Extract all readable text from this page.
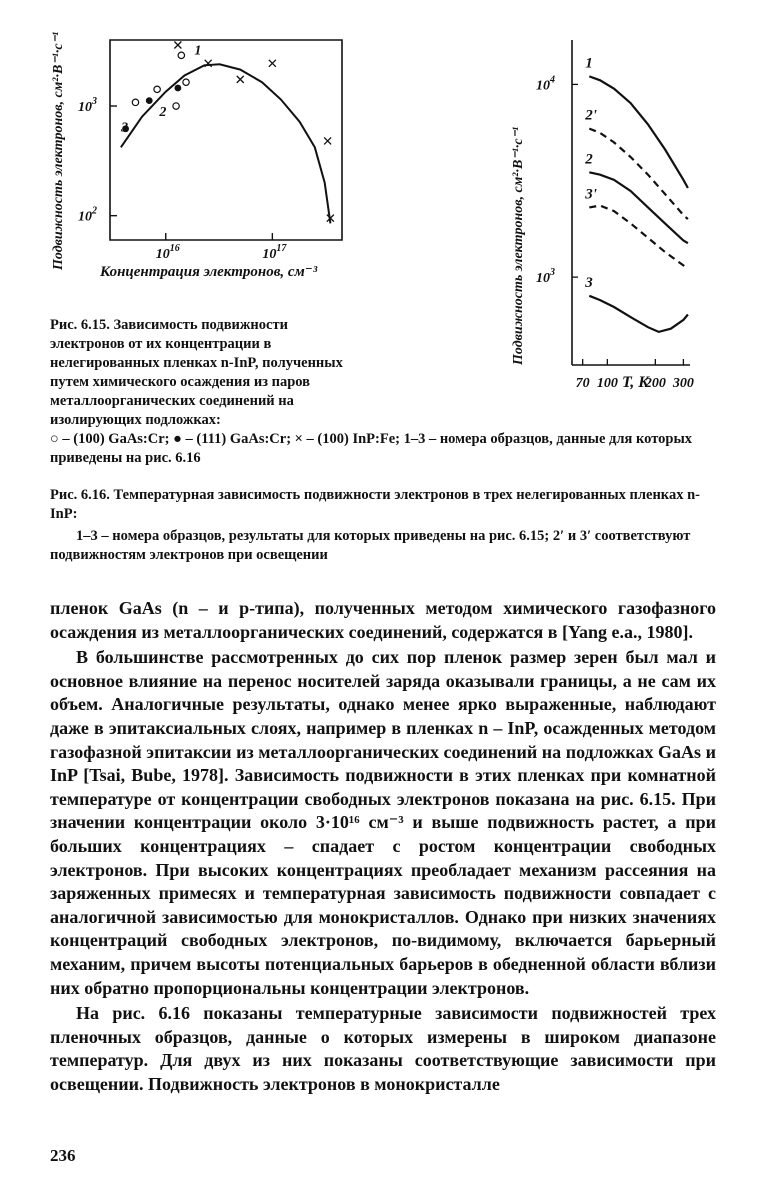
Подвижность электронов, см²·В⁻¹·с⁻¹	$10^{16}$	$10^{17}$
$10^2$
$10^3$
1
2
3
Концентрация электронов, см⁻³	Подвижность электронов, см²·В⁻¹·с⁻¹
70 100 200 300
$10^3$
$10^4$
1
2'
2
3'
3
T, K
Рис. 6.15. Зависимость подвижности электронов от их концентрации в нелегированных пленках n-InP, полученных путем химического осаждения из паров металлоорганических соединений на изолирующих подложках:
○ – (100) GaAs:Cr; ● – (111) GaAs:Cr; × – (100) InP:Fe; 1–3 – номера образцов, данные для которых приведены на рис. 6.16
Рис. 6.16. Температурная зависимость подвижности электронов в трех нелегированных пленках n-InP:
1–3 – номера образцов, результаты для которых приведены на рис. 6.15; 2′ и 3′ соответствуют подвижностям электронов при освещении

пленок GaAs (n – и p-типа), полученных методом химического газофазного осаждения из металлоорганических соединений, содержатся в [Yang e.a., 1980].

В большинстве рассмотренных до сих пор пленок размер зерен был мал и основное влияние на перенос носителей заряда оказывали границы, а не сам их объем. Аналогичные результаты, однако менее ярко выраженные, наблюдают даже в эпитаксиальных слоях, например в пленках n – InP, осажденных методом газофазной эпитаксии из металлоорганических соединений на подложках GaAs и InP [Tsai, Bube, 1978]. Зависимость подвижности в этих пленках при комнатной температуре от концентрации свободных электронов показана на рис. 6.15. При значении концентрации около 3·10¹⁶ см⁻³ и выше подвижность растет, а при больших концентрациях – спадает с ростом концентрации свободных электронов. При высоких концентрациях преобладает механизм рассеяния на заряженных примесях и температурная зависимость подвижности совпадает с аналогичной зависимостью для монокристаллов. Однако при низких значениях концентраций свободных электронов, по-видимому, включается барьерный механим, причем высоты потенциальных барьеров в обедненной области вблизи них обратно пропорциональны концентрации электронов.

На рис. 6.16 показаны температурные зависимости подвижностей трех пленочных образцов, данные о которых измерены в широком диапазоне температур. Для двух из них показаны соответствующие зависимости при освещении. Подвижность электронов в монокристалле

236
